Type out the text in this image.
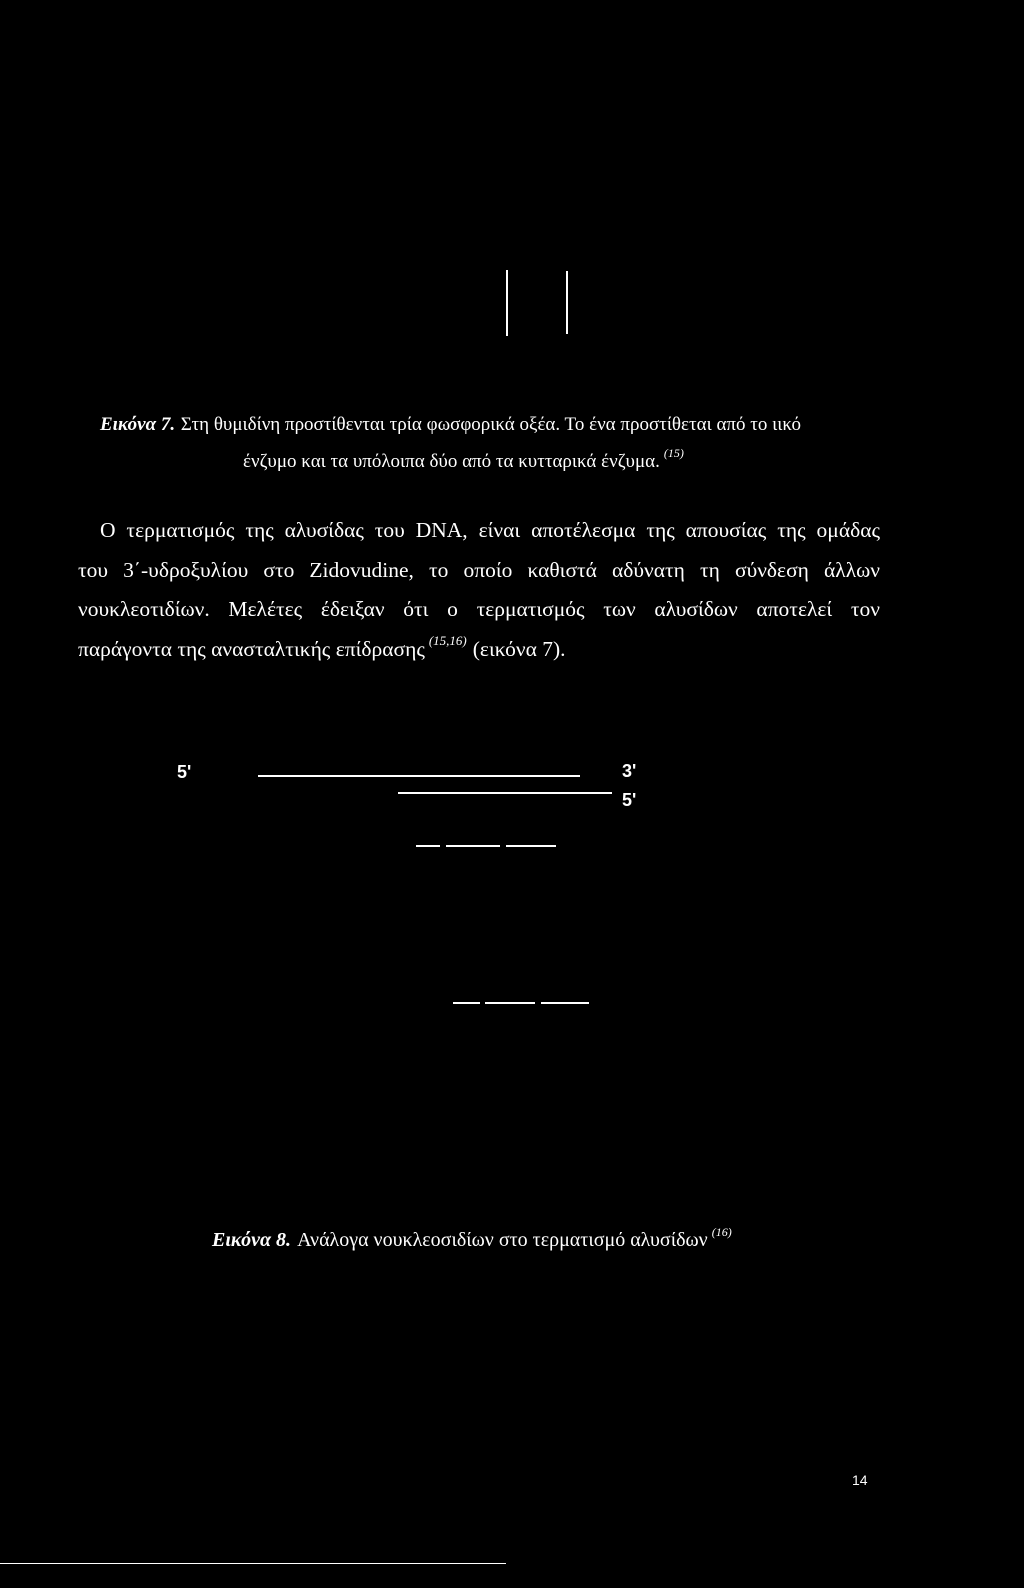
Εικόνα 7. Στη θυμιδίνη προστίθενται τρία φωσφορικά οξέα. Το ένα προστίθεται από το ιικό
ένζυμο και τα υπόλοιπα δύο από τα κυτταρικά ένζυμα. $^{(15)}$
Ο τερματισμός της αλυσίδας του DNA, είναι αποτέλεσμα της απουσίας της ομάδας
του 3΄-υδροξυλίου στο Zidovudine, το οποίο καθιστά αδύνατη τη σύνδεση άλλων
νουκλεοτιδίων. Μελέτες έδειξαν ότι ο τερματισμός των αλυσίδων αποτελεί τον
παράγοντα της ανασταλτικής επίδρασης $^{(15,16)}$ (εικόνα 7).
5'	3'
5'
Εικόνα 8. Ανάλογα νουκλεοσιδίων στο τερματισμό αλυσίδων $^{(16)}$
14
